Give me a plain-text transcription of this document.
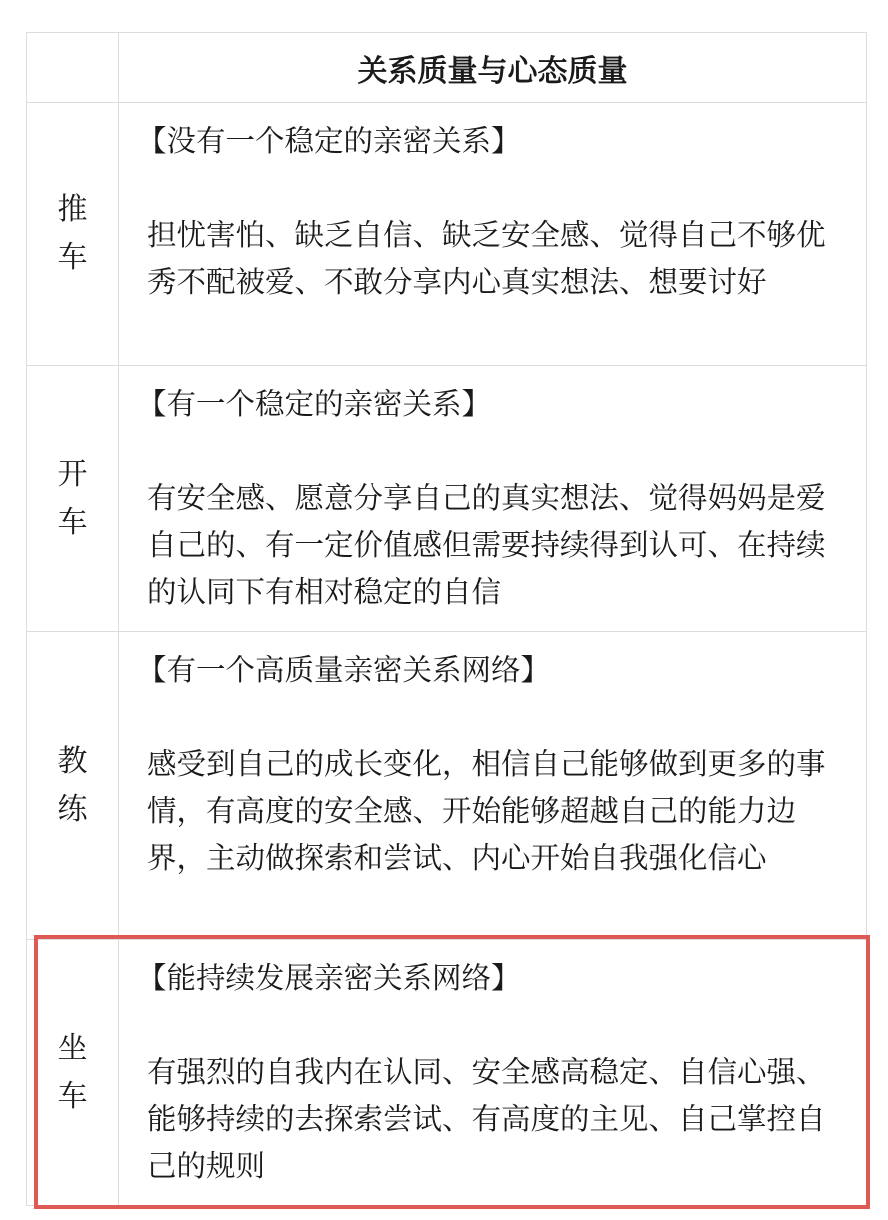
	关系质量与心态质量

推
车	【没有一个稳定的亲密关系】
担忧害怕、缺乏自信、缺乏安全感、觉得自己不够优秀不配被爱、不敢分享内心真实想法、想要讨好

开
车	【有一个稳定的亲密关系】
有安全感、愿意分享自己的真实想法、觉得妈妈是爱自己的、有一定价值感但需要持续得到认可、在持续的认同下有相对稳定的自信

教
练	【有一个高质量亲密关系网络】
感受到自己的成长变化，相信自己能够做到更多的事情，有高度的安全感、开始能够超越自己的能力边界，主动做探索和尝试、内心开始自我强化信心

坐
车	【能持续发展亲密关系网络】
有强烈的自我内在认同、安全感高稳定、自信心强、能够持续的去探索尝试、有高度的主见、自己掌控自己的规则
